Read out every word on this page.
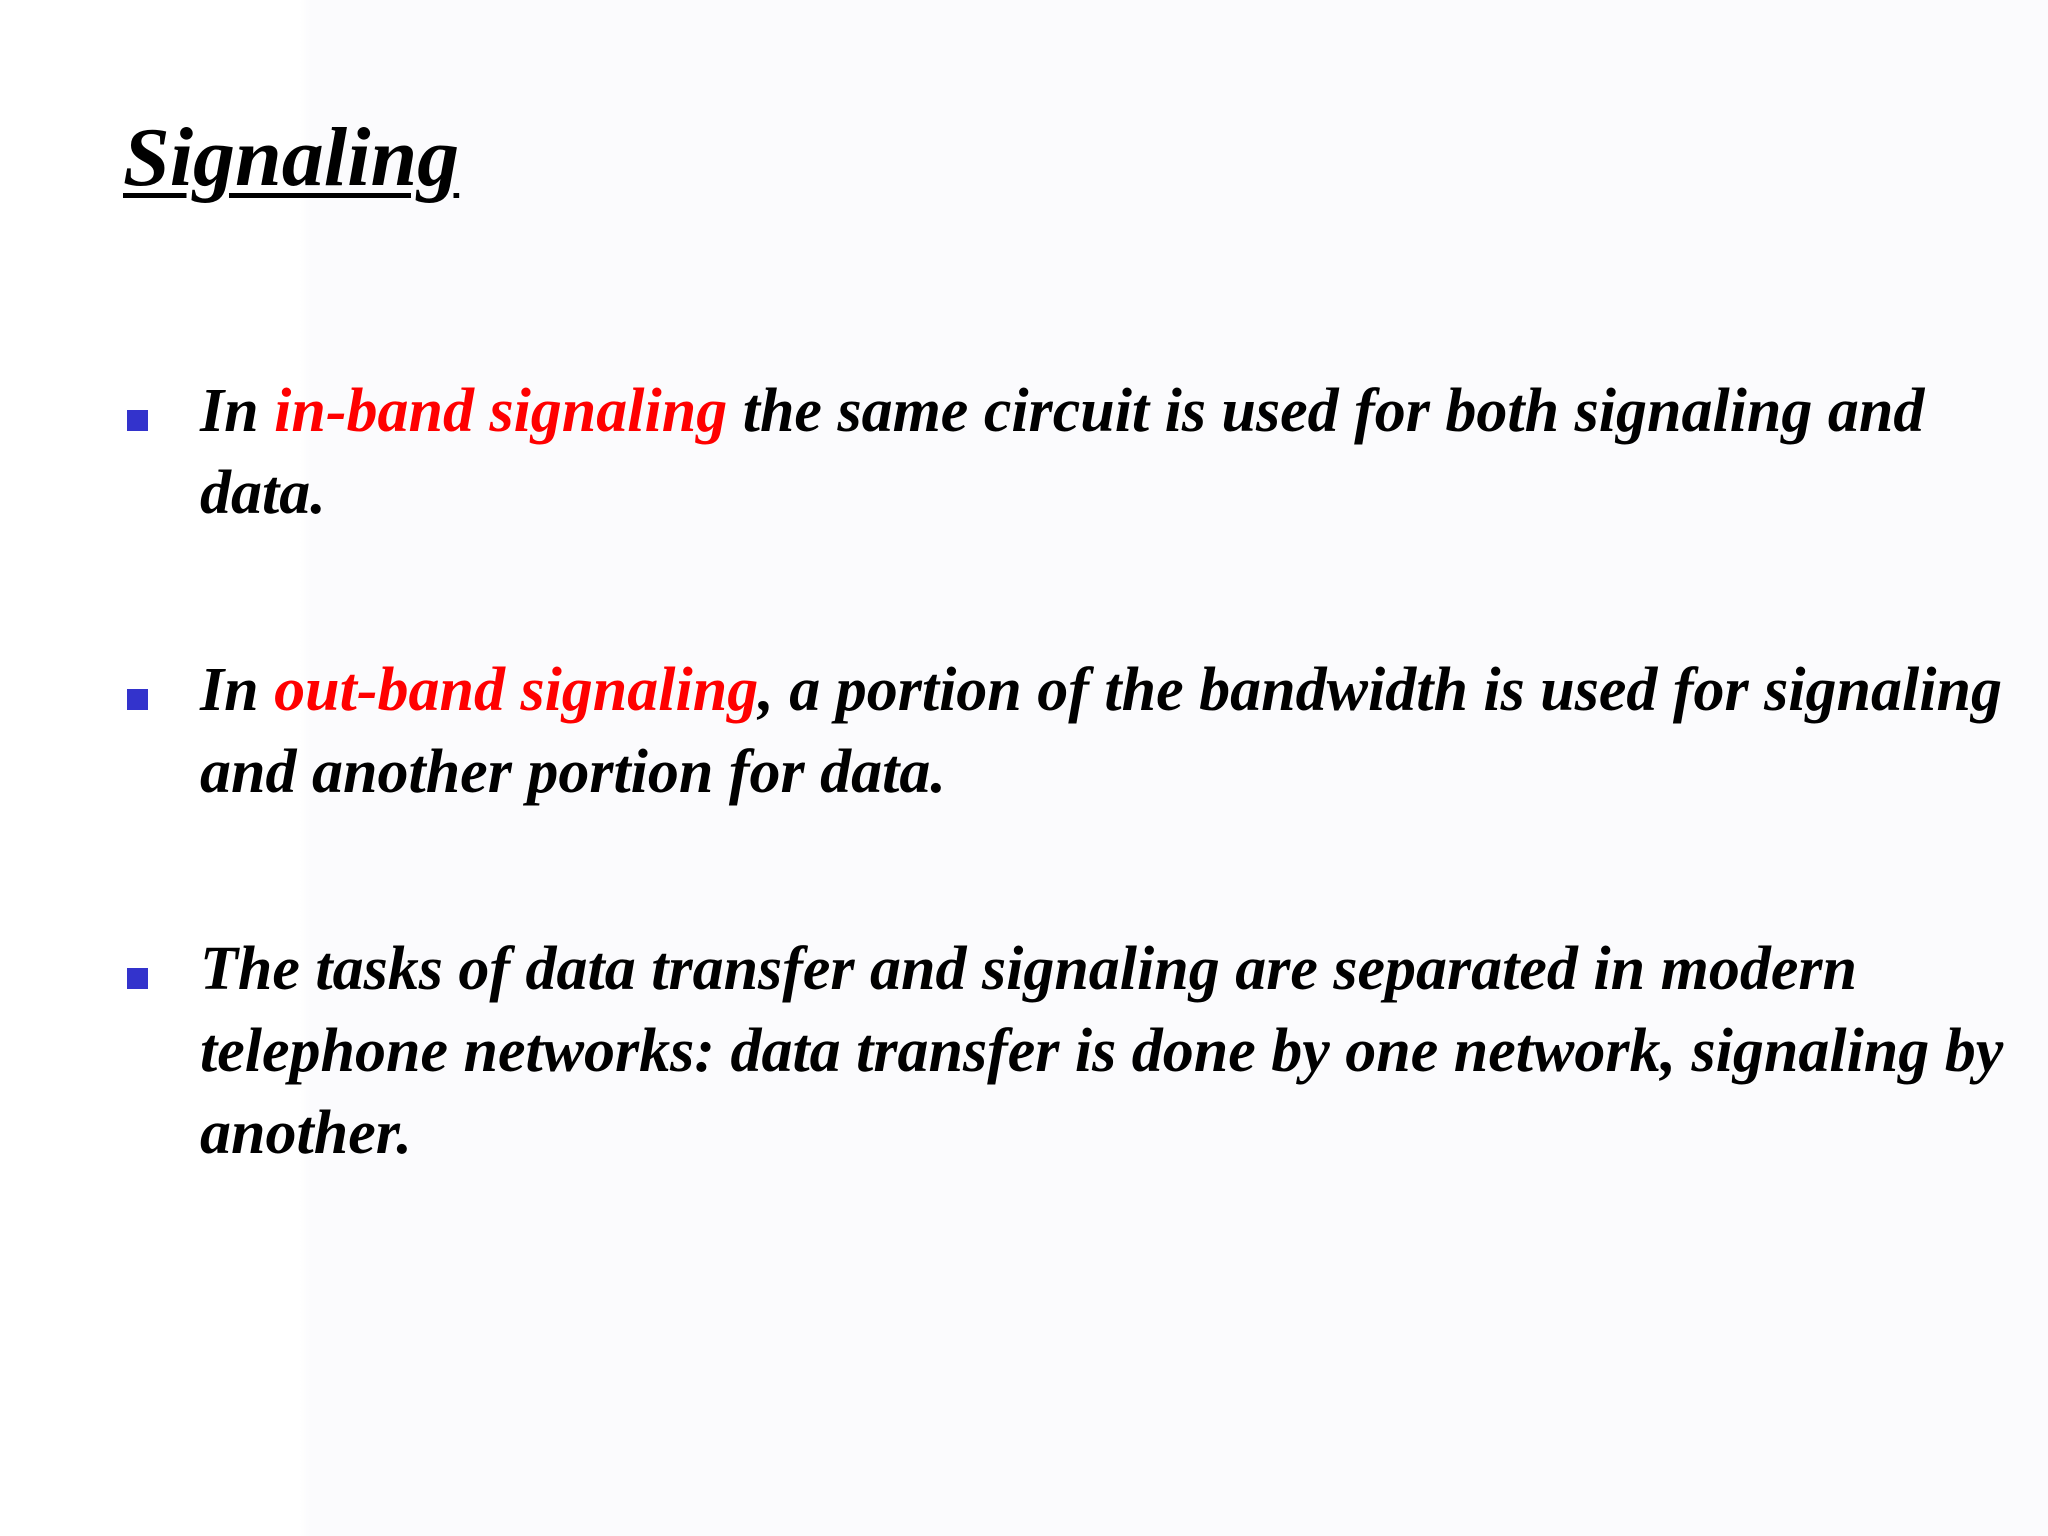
Signaling
In in-band signaling the same circuit is used for both signaling and data.
In out-band signaling, a portion of the bandwidth is used for signaling and another portion for data.
The tasks of data transfer and signaling are separated in modern telephone networks: data transfer is done by one network, signaling by another.
